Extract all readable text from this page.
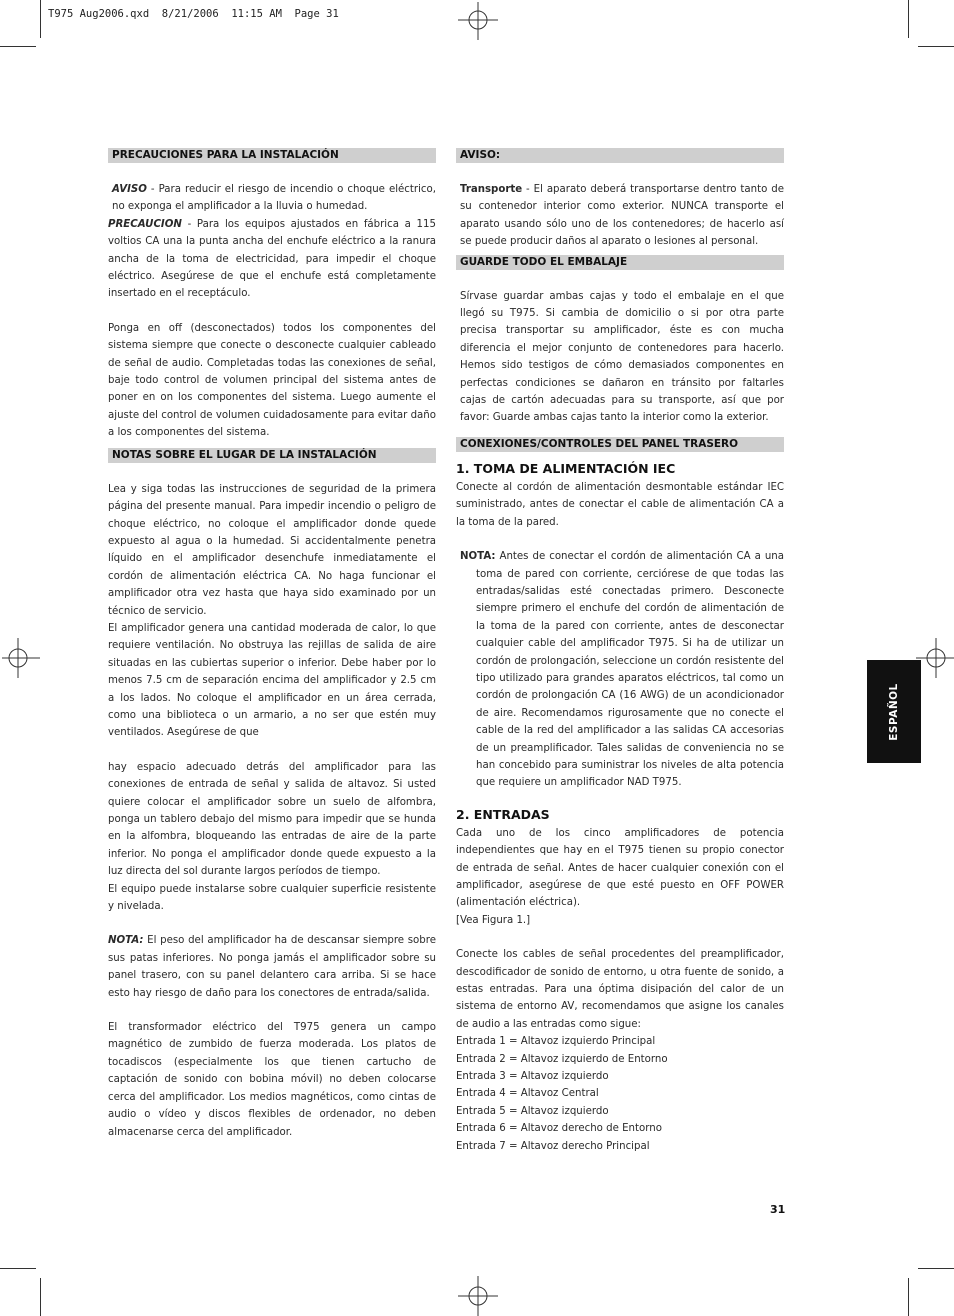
T975 Aug2006.qxd  8/21/2006  11:15 AM  Page 31
PRECAUCIONES PARA LA INSTALACIÓN

AVISO - Para reducir el riesgo de incendio o choque eléctrico, no exponga el amplificador a la lluvia o humedad.

PRECAUCION - Para los equipos ajustados en fábrica a 115 voltios CA una la punta ancha del enchufe eléctrico a la ranura ancha de la toma de electricidad, para impedir el choque eléctrico. Asegúrese de que el enchufe está completamente insertado en el receptáculo.

Ponga en off (desconectados) todos los componentes del sistema siempre que conecte o desconecte cualquier cableado de señal de audio. Completadas todas las conexiones de señal, baje todo control de volumen principal del sistema antes de poner en on los componentes del sistema. Luego aumente el ajuste del control de volumen cuidadosamente para evitar daño a los componentes del sistema.

NOTAS SOBRE EL LUGAR DE LA INSTALACIÓN

Lea y siga todas las instrucciones de seguridad de la primera página del presente manual. Para impedir incendio o peligro de choque eléctrico, no coloque el amplificador donde quede expuesto al agua o la humedad. Si accidentalmente penetra líquido en el amplificador desenchufe inmediatamente el cordón de alimentación eléctrica CA. No haga funcionar el amplificador otra vez hasta que haya sido examinado por un técnico de servicio.

El amplificador genera una cantidad moderada de calor, lo que requiere ventilación. No obstruya las rejillas de salida de aire situadas en las cubiertas superior o inferior. Debe haber por lo menos 7.5 cm de separación encima del amplificador y 2.5 cm a los lados. No coloque el amplificador en un área cerrada, como una biblioteca o un armario, a no ser que estén muy ventilados. Asegúrese de que

hay espacio adecuado detrás del amplificador para las conexiones de entrada de señal y salida de altavoz. Si usted quiere colocar el amplificador sobre un suelo de alfombra, ponga un tablero debajo del mismo para impedir que se hunda en la alfombra, bloqueando las entradas de aire de la parte inferior. No ponga el amplificador donde quede expuesto a la luz directa del sol durante largos períodos de tiempo.

El equipo puede instalarse sobre cualquier superficie resistente y nivelada.

NOTA: El peso del amplificador ha de descansar siempre sobre sus patas inferiores. No ponga jamás el amplificador sobre su panel trasero, con su panel delantero cara arriba. Si se hace esto hay riesgo de daño para los conectores de entrada/salida.

El transformador eléctrico del T975 genera un campo magnético de zumbido de fuerza moderada. Los platos de tocadiscos (especialmente los que tienen cartucho de captación de sonido con bobina móvil) no deben colocarse cerca del amplificador. Los medios magnéticos, como cintas de audio o vídeo y discos flexibles de ordenador, no deben almacenarse cerca del amplificador.

AVISO:

Transporte - El aparato deberá transportarse dentro tanto de su contenedor interior como exterior. NUNCA transporte el aparato usando sólo uno de los contenedores; de hacerlo así se puede producir daños al aparato o lesiones al personal.

GUARDE TODO EL EMBALAJE

Sírvase guardar ambas cajas y todo el embalaje en el que llegó su T975. Si cambia de domicilio o si por otra parte precisa transportar su amplificador, éste es con mucha diferencia el mejor conjunto de contenedores para hacerlo. Hemos sido testigos de cómo demasiados componentes en perfectas condiciones se dañaron en tránsito por faltarles cajas de cartón adecuadas para su transporte, así que por favor: Guarde ambas cajas tanto la interior como la exterior.

CONEXIONES/CONTROLES DEL PANEL TRASERO
1. TOMA DE ALIMENTACIÓN IEC

Conecte al cordón de alimentación desmontable estándar IEC suministrado, antes de conectar el cable de alimentación CA a la toma de la pared.

NOTA: Antes de conectar el cordón de alimentación CA a una toma de pared con corriente, cerciórese de que todas las entradas/salidas esté conectadas primero. Desconecte siempre primero el enchufe del cordón de alimentación de la toma de la pared con corriente, antes de desconectar cualquier cable del amplificador T975. Si ha de utilizar un cordón de prolongación, seleccione un cordón resistente del tipo utilizado para grandes aparatos eléctricos, tal como un cordón de prolongación CA (16 AWG) de un acondicionador de aire. Recomendamos rigurosamente que no conecte el cable de la red del amplificador a las salidas CA accesorias de un preamplificador. Tales salidas de conveniencia no se han concebido para suministrar los niveles de alta potencia que requiere un amplificador NAD T975.

2. ENTRADAS

Cada uno de los cinco amplificadores de potencia independientes que hay en el T975 tienen su propio conector de entrada de señal. Antes de hacer cualquier conexión con el amplificador, asegúrese de que esté puesto en OFF POWER (alimentación eléctrica).

[Vea Figura 1.]

Conecte los cables de señal procedentes del preamplificador, descodificador de sonido de entorno, u otra fuente de sonido, a estas entradas. Para una óptima disipación del calor de un sistema de entorno AV, recomendamos que asigne los canales de audio a las entradas como sigue:

Entrada 1 = Altavoz izquierdo Principal

Entrada 2 = Altavoz izquierdo de Entorno

Entrada 3 = Altavoz izquierdo

Entrada 4 = Altavoz Central

Entrada 5 = Altavoz izquierdo

Entrada 6 = Altavoz derecho de Entorno

Entrada 7 = Altavoz derecho Principal

ESPAÑOL
31
